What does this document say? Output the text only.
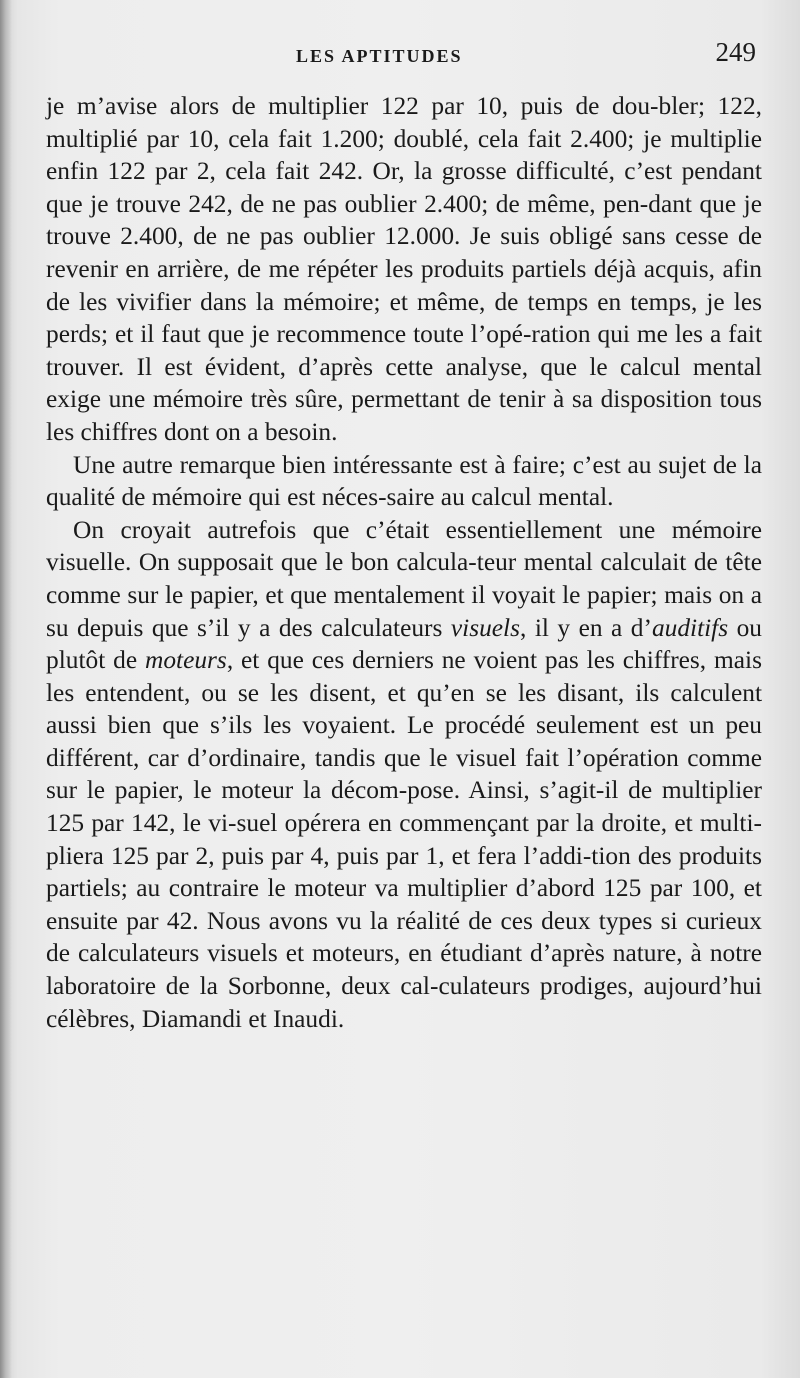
LES APTITUDES	249

je m’avise alors de multiplier 122 par 10, puis de dou-bler; 122, multiplié par 10, cela fait 1.200; doublé, cela fait 2.400; je multiplie enfin 122 par 2, cela fait 242. Or, la grosse difficulté, c’est pendant que je trouve 242, de ne pas oublier 2.400; de même, pen-dant que je trouve 2.400, de ne pas oublier 12.000. Je suis obligé sans cesse de revenir en arrière, de me répéter les produits partiels déjà acquis, afin de les vivifier dans la mémoire; et même, de temps en temps, je les perds; et il faut que je recommence toute l’opé-ration qui me les a fait trouver. Il est évident, d’après cette analyse, que le calcul mental exige une mémoire très sûre, permettant de tenir à sa disposition tous les chiffres dont on a besoin.

Une autre remarque bien intéressante est à faire; c’est au sujet de la qualité de mémoire qui est néces-saire au calcul mental.

On croyait autrefois que c’était essentiellement une mémoire visuelle. On supposait que le bon calcula-teur mental calculait de tête comme sur le papier, et que mentalement il voyait le papier; mais on a su depuis que s’il y a des calculateurs visuels, il y en a d’auditifs ou plutôt de moteurs, et que ces derniers ne voient pas les chiffres, mais les entendent, ou se les disent, et qu’en se les disant, ils calculent aussi bien que s’ils les voyaient. Le procédé seulement est un peu différent, car d’ordinaire, tandis que le visuel fait l’opération comme sur le papier, le moteur la décom-pose. Ainsi, s’agit-il de multiplier 125 par 142, le vi-suel opérera en commençant par la droite, et multi-pliera 125 par 2, puis par 4, puis par 1, et fera l’addi-tion des produits partiels; au contraire le moteur va multiplier d’abord 125 par 100, et ensuite par 42. Nous avons vu la réalité de ces deux types si curieux de calculateurs visuels et moteurs, en étudiant d’après nature, à notre laboratoire de la Sorbonne, deux cal-culateurs prodiges, aujourd’hui célèbres, Diamandi et Inaudi.
